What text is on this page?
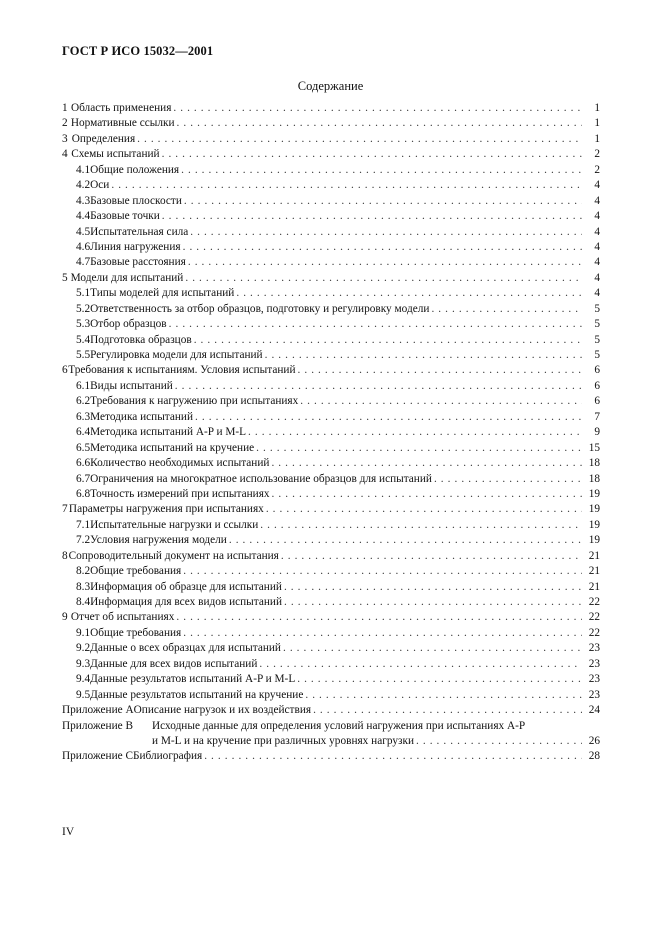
ГОСТ Р ИСО 15032—2001
Содержание
1 Область применения . . .	1
2 Нормативные ссылки . . .	1
3 Определения . . .	1
4 Схемы испытаний . . .	2
4.1 Общие положения . . .	2
4.2 Оси . . .	4
4.3 Базовые плоскости . . .	4
4.4 Базовые точки . . .	4
4.5 Испытательная сила . . .	4
4.6 Линия нагружения . . .	4
4.7 Базовые расстояния . . .	4
5 Модели для испытаний . . .	4
5.1 Типы моделей для испытаний . . .	4
5.2 Ответственность за отбор образцов, подготовку и регулировку модели . . .	5
5.3 Отбор образцов . . .	5
5.4 Подготовка образцов . . .	5
5.5 Регулировка модели для испытаний . . .	5
6 Требования к испытаниям. Условия испытаний . . .	6
6.1 Виды испытаний . . .	6
6.2 Требования к нагружению при испытаниях . . .	6
6.3 Методика испытаний . . .	7
6.4 Методика испытаний A-P и M-L . . .	9
6.5 Методика испытаний на кручение . . .	15
6.6 Количество необходимых испытаний . . .	18
6.7 Ограничения на многократное использование образцов для испытаний . . .	18
6.8 Точность измерений при испытаниях . . .	19
7 Параметры нагружения при испытаниях . . .	19
7.1 Испытательные нагрузки и ссылки . . .	19
7.2 Условия нагружения модели . . .	19
8 Сопроводительный документ на испытания . . .	21
8.2 Общие требования . . .	21
8.3 Информация об образце для испытаний . . .	21
8.4 Информация для всех видов испытаний . . .	22
9 Отчет об испытаниях . . .	22
9.1 Общие требования . . .	22
9.2 Данные о всех образцах для испытаний . . .	23
9.3 Данные для всех видов испытаний . . .	23
9.4 Данные результатов испытаний A-P и M-L . . .	23
9.5 Данные результатов испытаний на кручение . . .	23
Приложение A Описание нагрузок и их воздействия . . .	24
Приложение B	Исходные данные для определения условий нагружения при испытаниях A-P
и M-L и на кручение при различных уровнях нагрузки . . .	26
Приложение C Библиография . . .	28
IV
